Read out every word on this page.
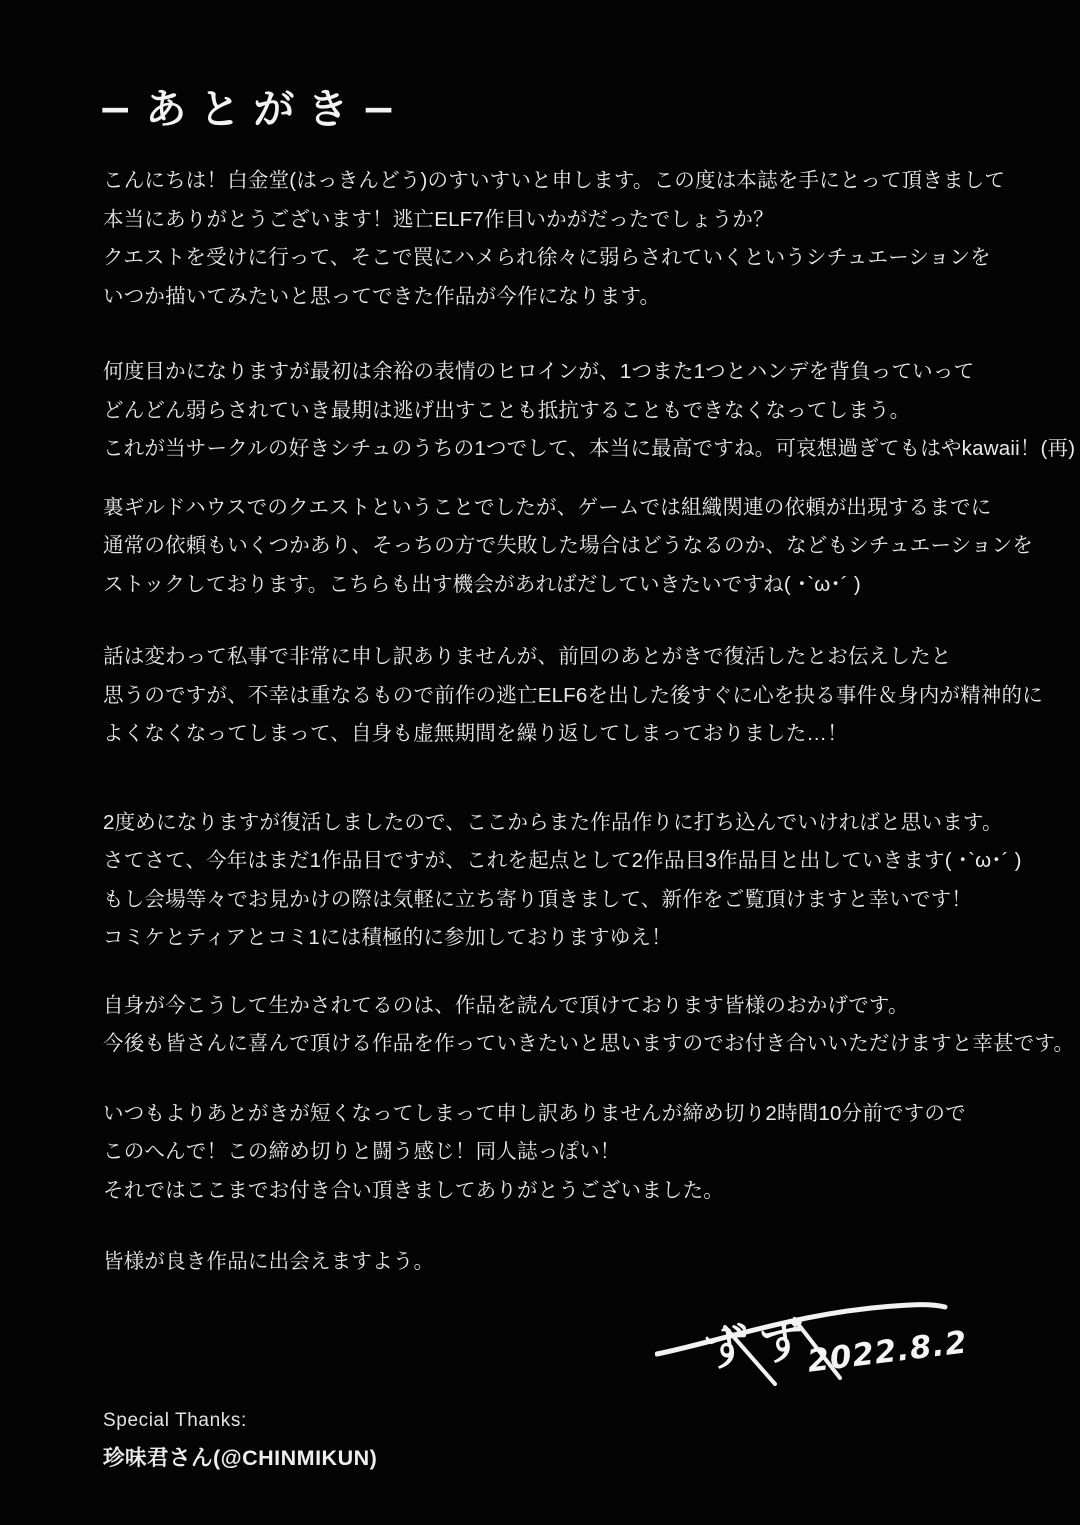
−あとがき−

こんにちは！白金堂(はっきんどう)のすいすいと申します。この度は本誌を手にとって頂きまして

本当にありがとうございます！逃亡ELF7作目いかがだったでしょうか？

クエストを受けに行って、そこで罠にハメられ徐々に弱らされていくというシチュエーションを

いつか描いてみたいと思ってできた作品が今作になります。

何度目かになりますが最初は余裕の表情のヒロインが、1つまた1つとハンデを背負っていって

どんどん弱らされていき最期は逃げ出すことも抵抗することもできなくなってしまう。

これが当サークルの好きシチュのうちの1つでして、本当に最高ですね。可哀想過ぎてもはやkawaii！(再)

裏ギルドハウスでのクエストということでしたが、ゲームでは組織関連の依頼が出現するまでに

通常の依頼もいくつかあり、そっちの方で失敗した場合はどうなるのか、などもシチュエーションを

ストックしております。こちらも出す機会があればだしていきたいですね( ･`ω･´ )

話は変わって私事で非常に申し訳ありませんが、前回のあとがきで復活したとお伝えしたと

思うのですが、不幸は重なるもので前作の逃亡ELF6を出した後すぐに心を抉る事件＆身内が精神的に

よくなくなってしまって、自身も虚無期間を繰り返してしまっておりました…！

2度めになりますが復活しましたので、ここからまた作品作りに打ち込んでいければと思います。

さてさて、今年はまだ1作品目ですが、これを起点として2作品目3作品目と出していきます( ･`ω･´ )

もし会場等々でお見かけの際は気軽に立ち寄り頂きまして、新作をご覧頂けますと幸いです！

コミケとティアとコミ1には積極的に参加しておりますゆえ！

自身が今こうして生かされてるのは、作品を読んで頂けております皆様のおかげです。

今後も皆さんに喜んで頂ける作品を作っていきたいと思いますのでお付き合いいただけますと幸甚です。

いつもよりあとがきが短くなってしまって申し訳ありませんが締め切り2時間10分前ですので

このへんで！この締め切りと闘う感じ！同人誌っぽい！

それではここまでお付き合い頂きましてありがとうございました。

皆様が良き作品に出会えますよう。

ずず
2022.8.2

Special Thanks:

珍味君さん(@CHINMIKUN)
